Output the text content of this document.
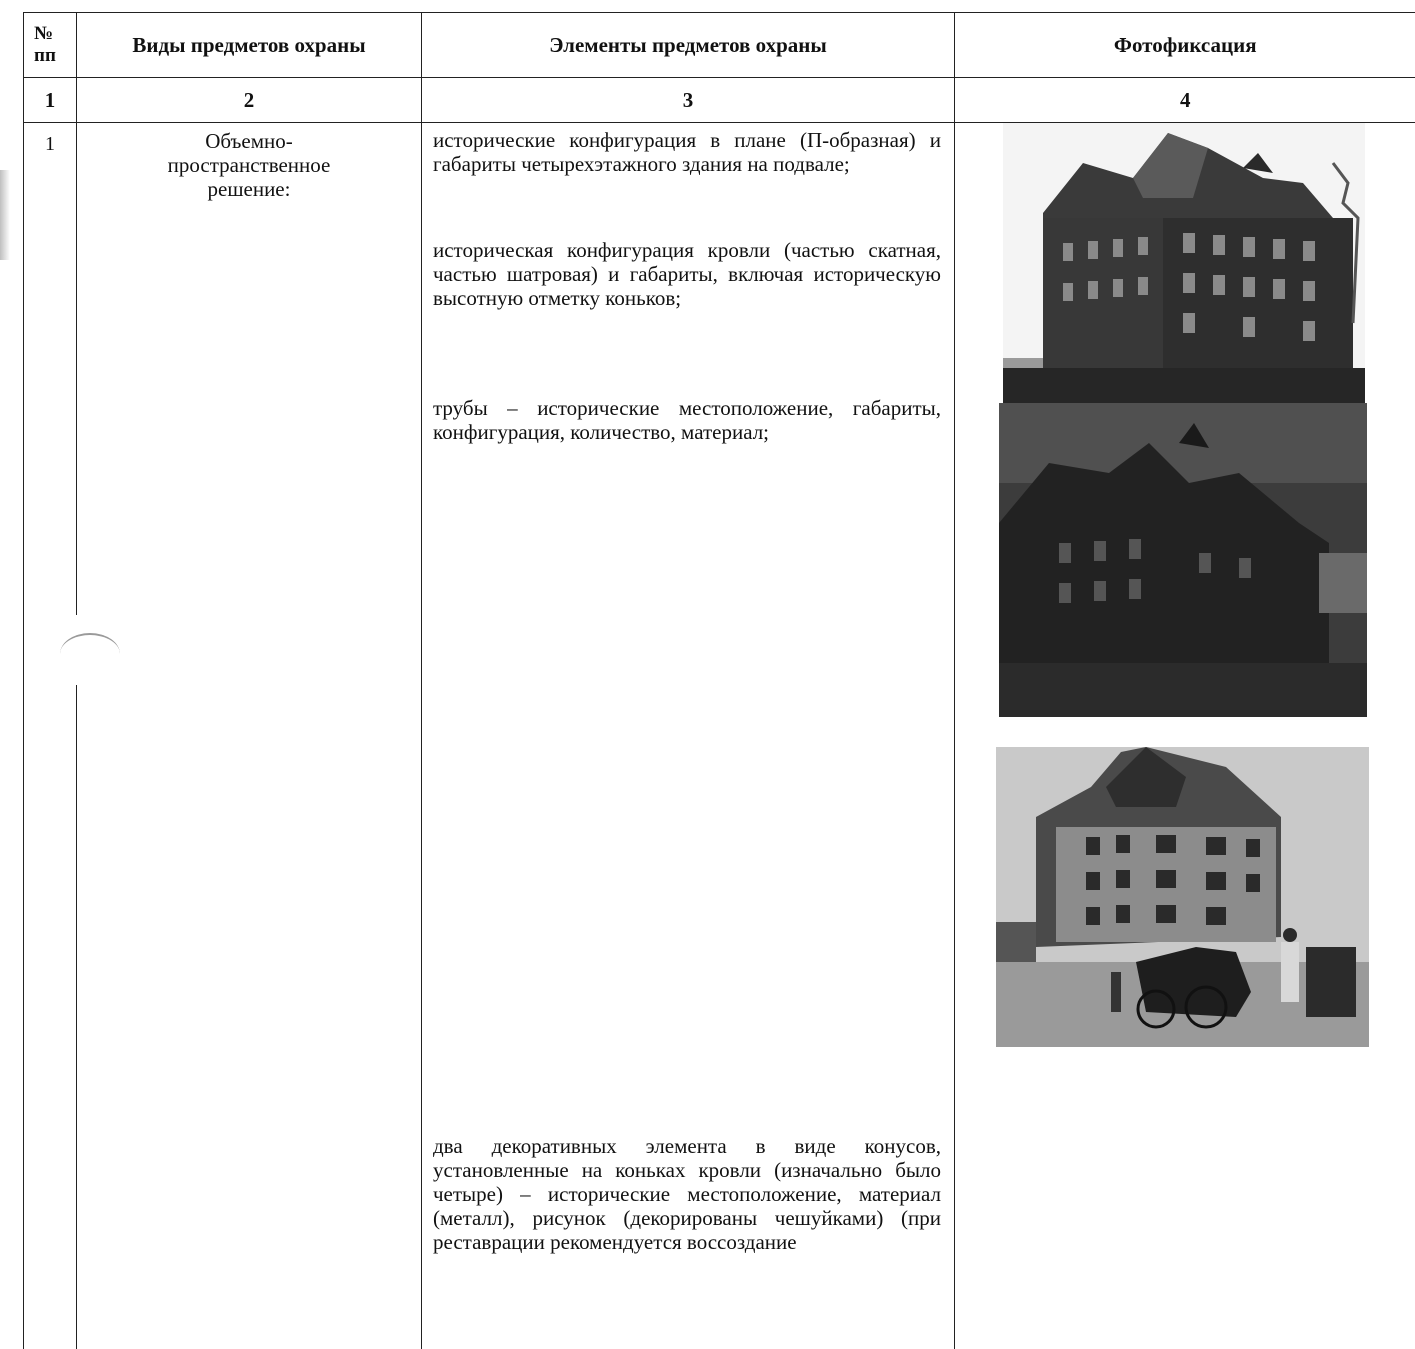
№ пп	Виды предметов охраны	Элементы предметов охраны	Фотофиксация
1	2	3	4
1	Объемно-пространственное решение:	исторические конфигурация в плане (П-образная) и габариты четырехэтажного здания на подвале;

историческая конфигурация кровли (частью скатная, частью шатровая) и габариты, включая историческую высотную отметку коньков;

трубы – исторические местоположение, габариты, конфигурация, количество, материал;

два декоративных элемента в виде конусов, установленные на коньках кровли (изначально было четыре) – исторические местоположение, материал (металл), рисунок (декорированы чешуйками) (при реставрации рекомендуется воссоздание
